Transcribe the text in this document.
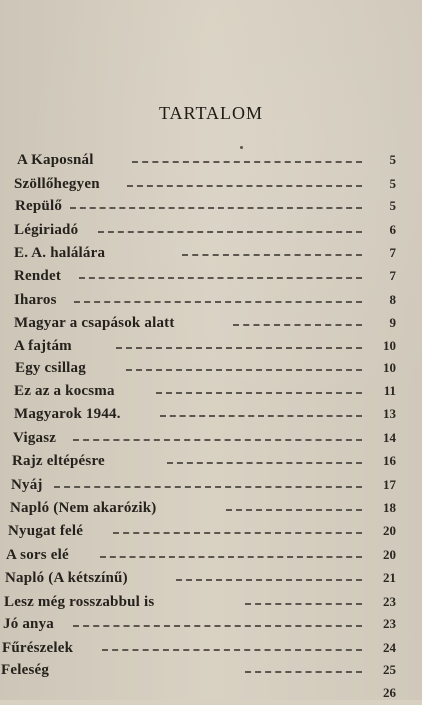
TARTALOM
A Kaposnál	5
Szöllőhegyen	5
Repülő	5
Légiriadó	6
E. A. halálára	7
Rendet	7
Iharos	8
Magyar a csapások alatt	9
A fajtám	10
Egy csillag	10
Ez az a kocsma	11
Magyarok 1944.	13
Vigasz	14
Rajz eltépésre	16
Nyáj	17
Napló (Nem akarózik)	18
Nyugat felé	20
A sors elé	20
Napló (A kétszínű)	21
Lesz még rosszabbul is	23
Jó anya	23
Fűrészelek	24
Feleség	25
26
